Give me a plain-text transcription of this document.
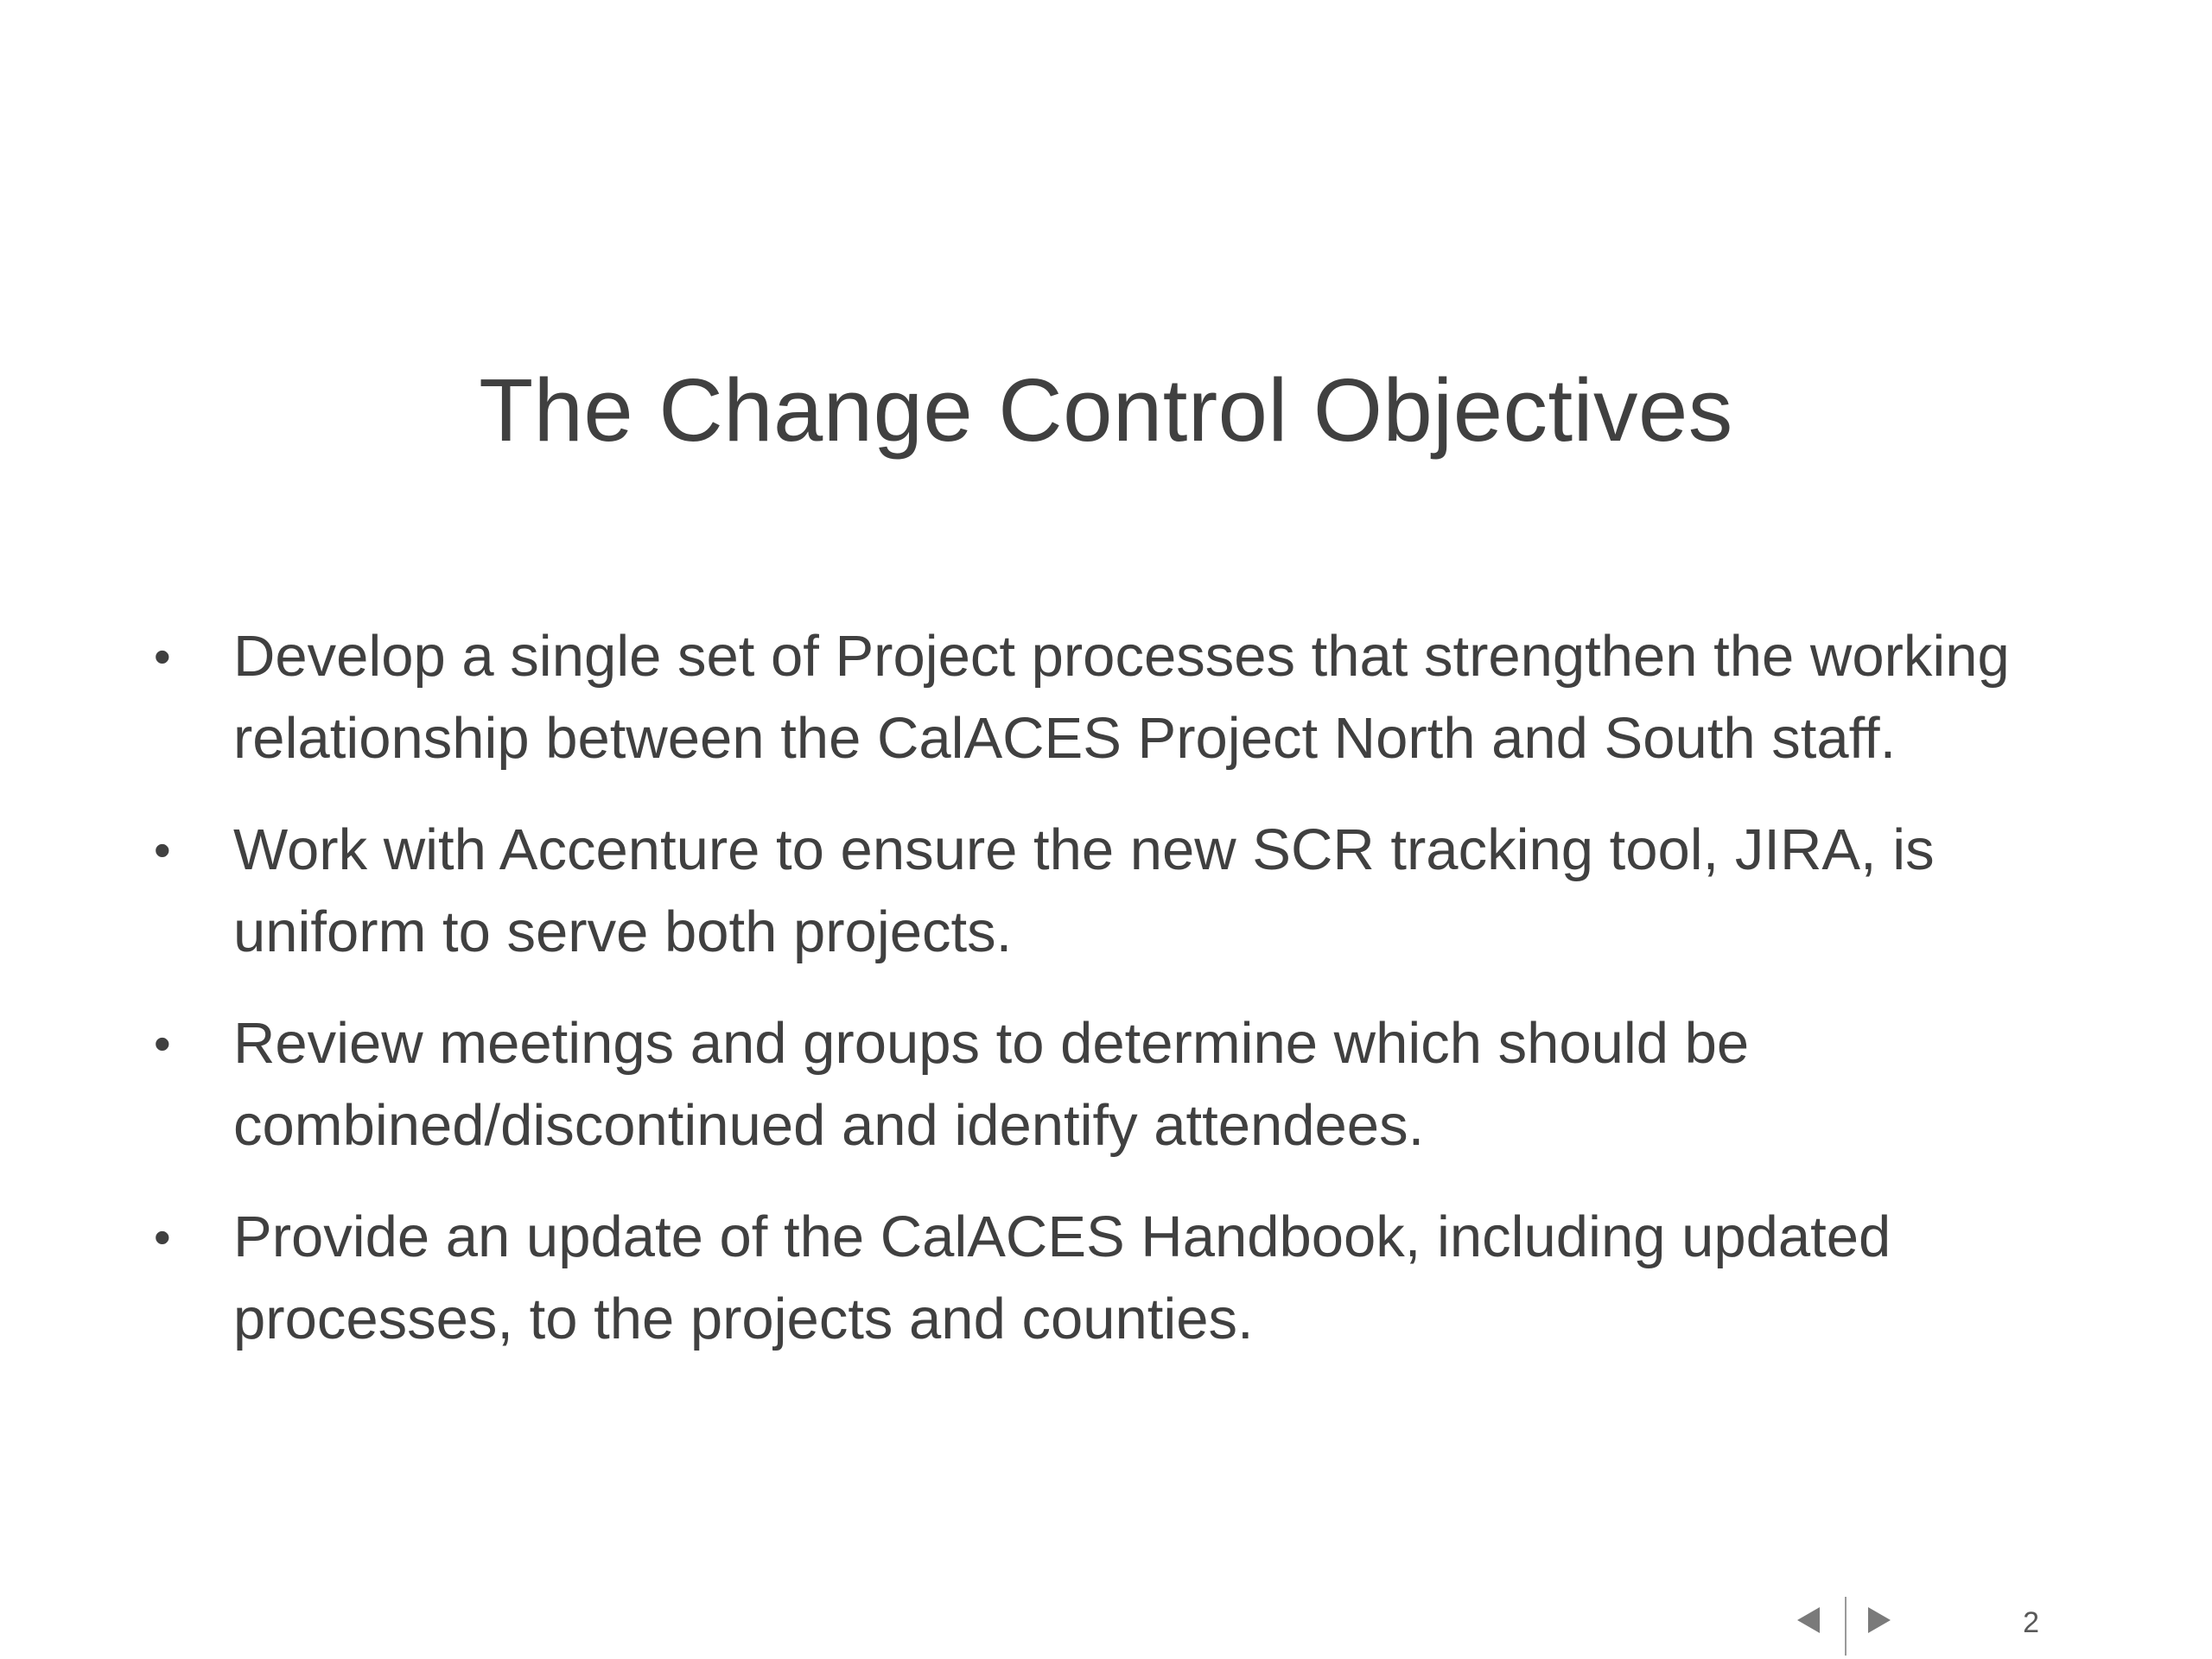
The Change Control Objectives
• Develop a single set of Project processes that strengthen the working relationship between the CalACES Project North and South staff.
• Work with Accenture to ensure the new SCR tracking tool, JIRA, is uniform to serve both projects.
• Review meetings and groups to determine which should be combined/discontinued and identify attendees.
• Provide an update of the CalACES Handbook, including updated processes, to the projects and counties.
2
